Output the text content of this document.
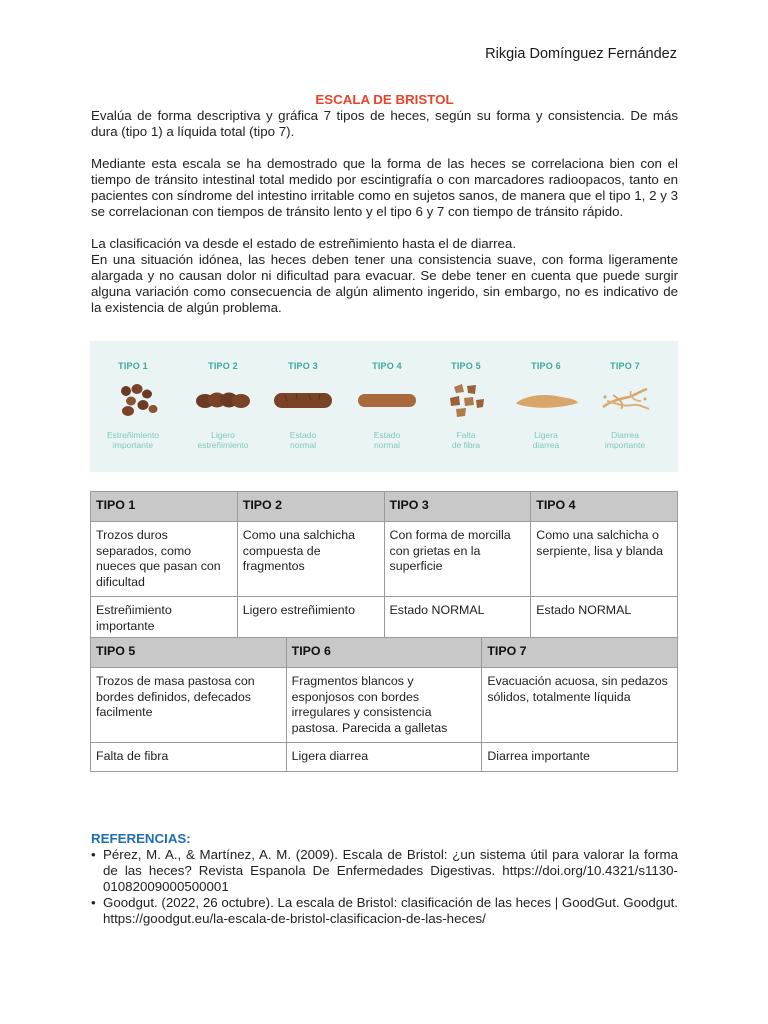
Rikgia Domínguez Fernández

ESCALA DE BRISTOL

Evalúa de forma descriptiva y gráfica 7 tipos de heces, según su forma y consistencia. De más dura (tipo 1) a líquida total (tipo 7).

Mediante esta escala se ha demostrado que la forma de las heces se correlaciona bien con el tiempo de tránsito intestinal total medido por escintigrafía o con marcadores radioopacos, tanto en pacientes con síndrome del intestino irritable como en sujetos sanos, de manera que el tipo 1, 2 y 3 se correlacionan con tiempos de tránsito lento y el tipo 6 y 7 con tiempo de tránsito rápido.

La clasificación va desde el estado de estreñimiento hasta el de diarrea.

En una situación idónea, las heces deben tener una consistencia suave, con forma ligeramente alargada y no causan dolor ni dificultad para evacuar. Se debe tener en cuenta que puede surgir alguna variación como consecuencia de algún alimento ingerido, sin embargo, no es indicativo de la existencia de algún problema.

TIPO 1
Estreñimiento
importante
TIPO 2
Ligero
estreñimiento
TIPO 3
Estado
normal
TIPO 4
Estado
normal
TIPO 5
Falta
de fibra
TIPO 6
Ligera
diarrea
TIPO 7
Diarrea
importante
TIPO 1	TIPO 2	TIPO 3	TIPO 4
Trozos duros separados, como nueces que pasan con dificultad	Como una salchicha compuesta de fragmentos	Con forma de morcilla con grietas en la superficie	Como una salchicha o serpiente, lisa y blanda
Estreñimiento importante	Ligero estreñimiento	Estado NORMAL	Estado NORMAL
TIPO 5	TIPO 6	TIPO 7
Trozos de masa pastosa con bordes definidos, defecados facilmente	Fragmentos blancos y esponjosos con bordes irregulares y consistencia pastosa. Parecida a galletas	Evacuación acuosa, sin pedazos sólidos, totalmente líquida
Falta de fibra	Ligera diarrea	Diarrea importante

REFERENCIAS:

• Pérez, M. A., & Martínez, A. M. (2009). Escala de Bristol: ¿un sistema útil para valorar la forma de las heces? Revista Espanola De Enfermedades Digestivas. https://doi.org/10.4321/s1130-01082009000500001
• Goodgut. (2022, 26 octubre). La escala de Bristol: clasificación de las heces | GoodGut. Goodgut. https://goodgut.eu/la-escala-de-bristol-clasificacion-de-las-heces/
